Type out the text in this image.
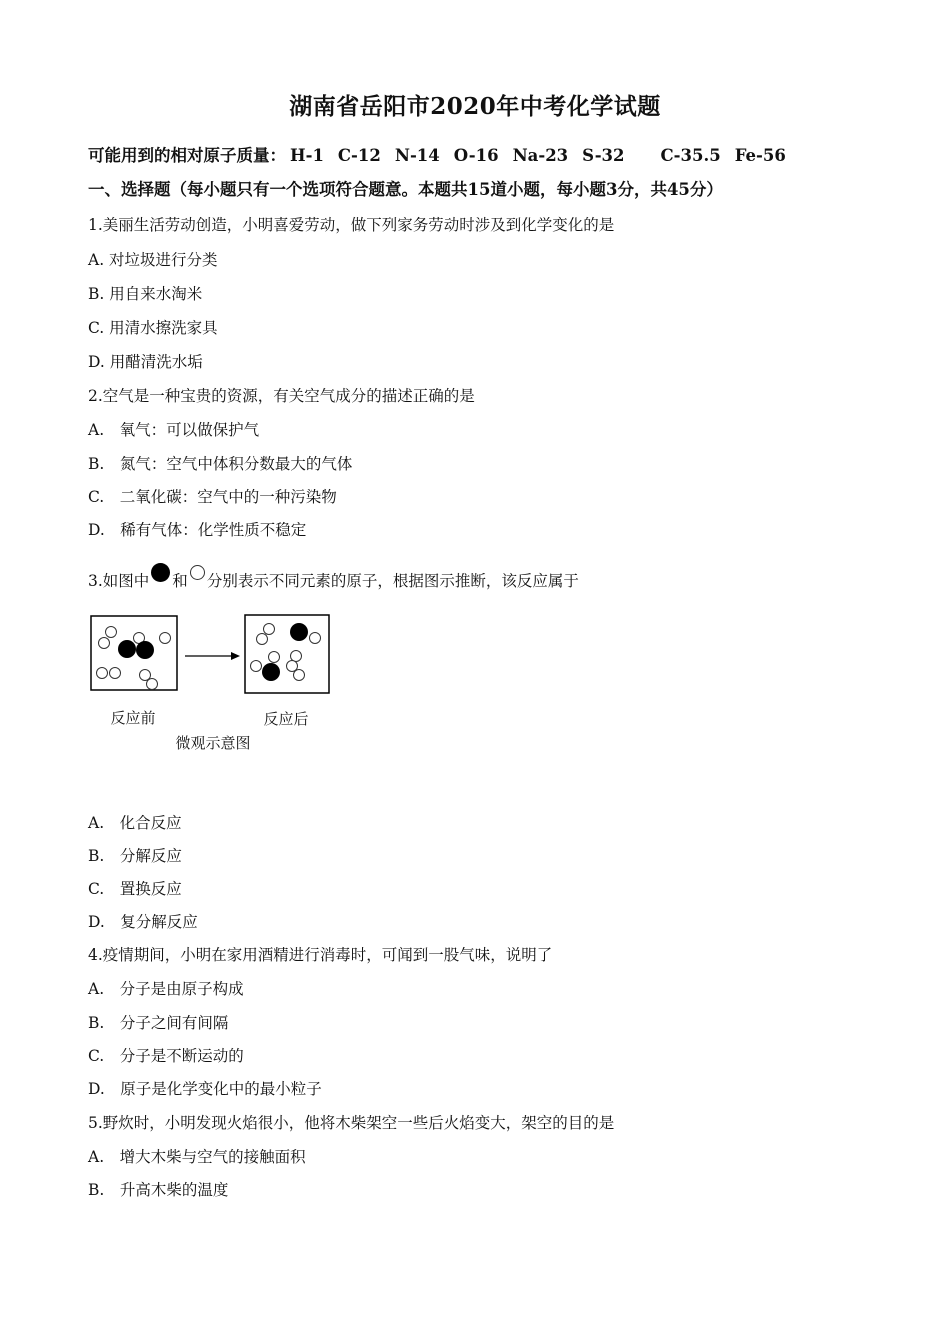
湖南省岳阳市2020年中考化学试题
可能用到的相对原子质量： H-1 C-12 N-14 O-16 Na-23 S-32 C-35.5 Fe-56
一、选择题（每小题只有一个选项符合题意。本题共15道小题，每小题3分，共45分）
1.美丽生活劳动创造，小明喜爱劳动，做下列家务劳动时涉及到化学变化的是
A. 对垃圾进行分类
B. 用自来水淘米
C. 用清水擦洗家具
D. 用醋清洗水垢
2.空气是一种宝贵的资源，有关空气成分的描述正确的是
A.　氧气：可以做保护气
B.　氮气：空气中体积分数最大的气体
C.　二氧化碳：空气中的一种污染物
D.　稀有气体：化学性质不稳定
3.如图中 和 分别表示不同元素的原子，根据图示推断，该反应属于
反应前	反应后
微观示意图
A.　化合反应
B.　分解反应
C.　置换反应
D.　复分解反应
4.疫情期间，小明在家用酒精进行消毒时，可闻到一股气味，说明了
A.　分子是由原子构成
B.　分子之间有间隔
C.　分子是不断运动的
D.　原子是化学变化中的最小粒子
5.野炊时，小明发现火焰很小，他将木柴架空一些后火焰变大，架空的目的是
A.　增大木柴与空气的接触面积
B.　升高木柴的温度
